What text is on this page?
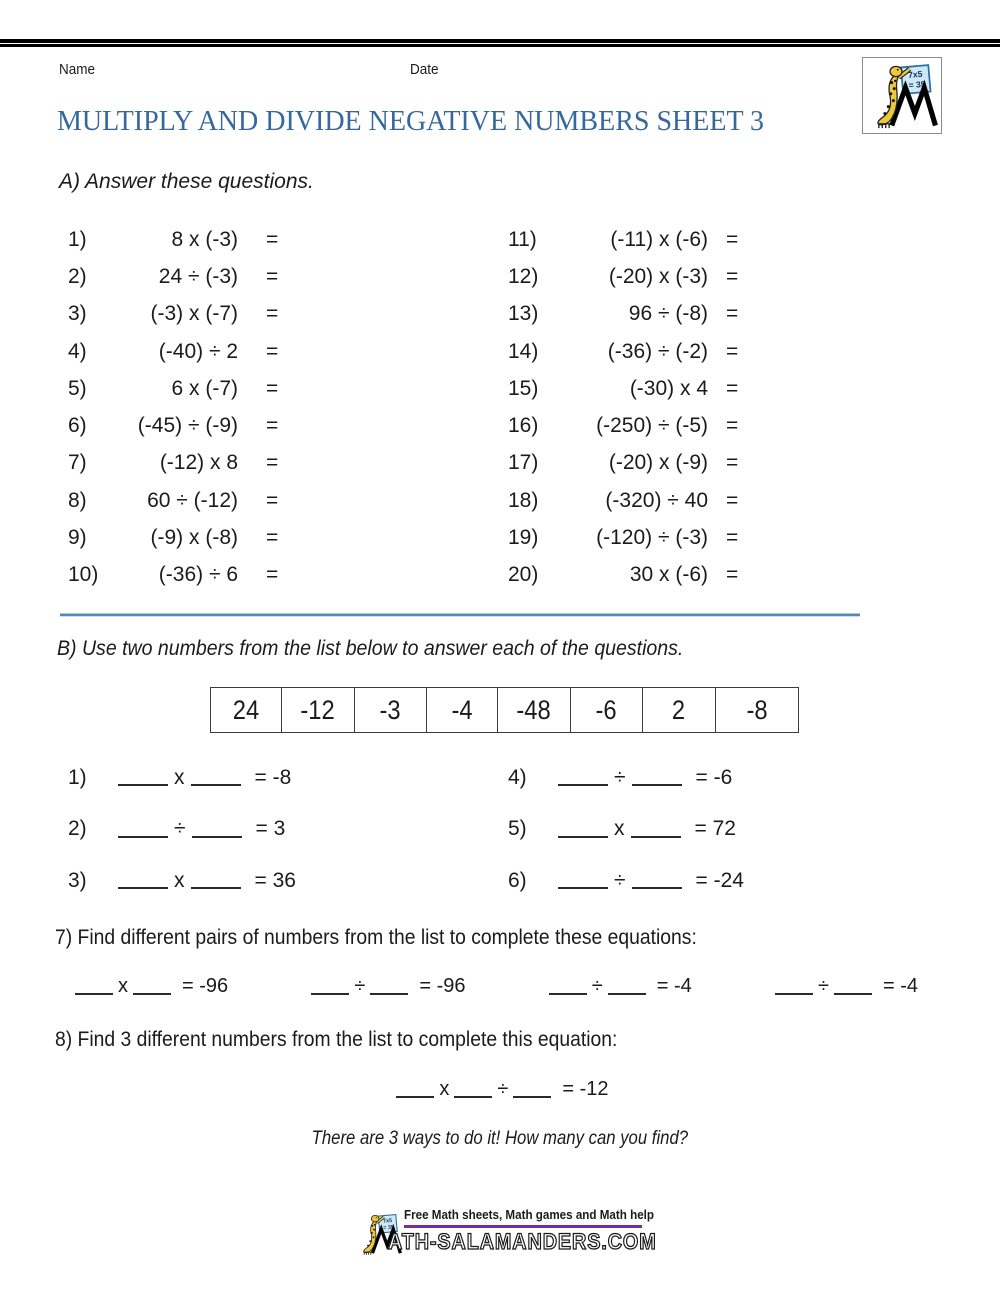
Name	Date
MULTIPLY AND DIVIDE NEGATIVE NUMBERS SHEET 3
A) Answer these questions.
1)	8 x (-3) =
2)	24 ÷ (-3) =
3)	(-3) x (-7) =
4)	(-40) ÷ 2 =
5)	6 x (-7) =
6)	(-45) ÷ (-9) =
7)	(-12) x 8 =
8)	60 ÷ (-12) =
9)	(-9) x (-8) =
10)	(-36) ÷ 6 =
11)	(-11) x (-6) =
12)	(-20) x (-3) =
13)	96 ÷ (-8) =
14)	(-36) ÷ (-2) =
15)	(-30) x 4 =
16)	(-250) ÷ (-5) =
17)	(-20) x (-9) =
18)	(-320) ÷ 40 =
19)	(-120) ÷ (-3) =
20)	30 x (-6) =
B) Use two numbers from the list below to answer each of the questions.
24 -12 -3 -4 -48 -6 2 -8
1)	x	= -8
2)	÷	= 3
3)	x	= 36
4)	÷	= -6
5)	x	= 72
6)	÷	= -24
7) Find different pairs of numbers from the list to complete these equations:
x	= -96	÷	= -96	÷	= -4	÷	= -4
8) Find 3 different numbers from the list to complete this equation:
x ÷	= -12
There are 3 ways to do it! How many can you find?
Free Math sheets, Math games and Math help
ATH-SALAMANDERS.COM
